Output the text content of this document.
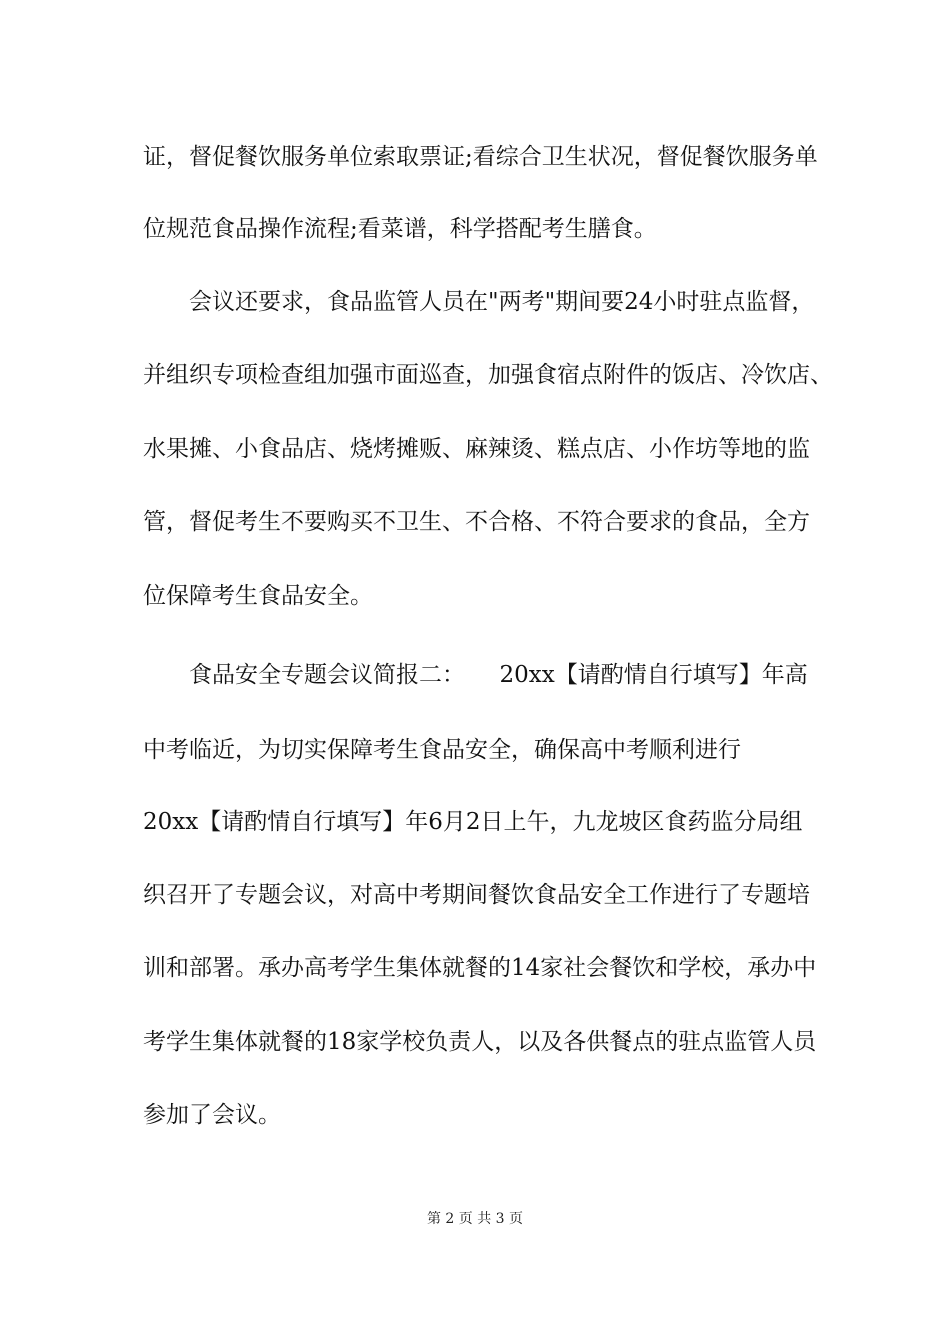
证，督促餐饮服务单位索取票证;看综合卫生状况，督促餐饮服务单
位规范食品操作流程;看菜谱，科学搭配考生膳食。
会议还要求，食品监管人员在"两考"期间要24小时驻点监督，
并组织专项检查组加强市面巡查，加强食宿点附件的饭店、冷饮店、
水果摊、小食品店、烧烤摊贩、麻辣烫、糕点店、小作坊等地的监
管，督促考生不要购买不卫生、不合格、不符合要求的食品，全方
位保障考生食品安全。
食品安全专题会议简报二：　　20xx【请酌情自行填写】年高
中考临近，为切实保障考生食品安全，确保高中考顺利进行
20xx【请酌情自行填写】年6月2日上午，九龙坡区食药监分局组
织召开了专题会议，对高中考期间餐饮食品安全工作进行了专题培
训和部署。承办高考学生集体就餐的14家社会餐饮和学校，承办中
考学生集体就餐的18家学校负责人，以及各供餐点的驻点监管人员
参加了会议。
第 2 页 共 3 页
